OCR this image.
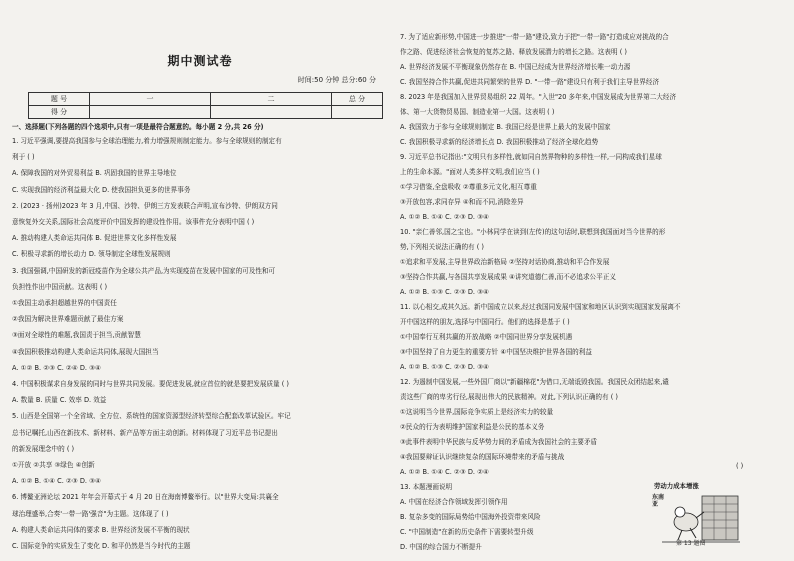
期中测试卷
时间:50 分钟 总分:60 分
题 号	一	二	总 分
得 分			
一、选择题(下列各题的四个选项中,只有一项是最符合题意的。每小题 2 分,共 26 分)
1. 习近平强调,要提高我国参与全球治理能力,着力增强规则制定能力。参与全球规则的制定有
利于 ( )
A. 保障我国的对外贸易利益 B. 巩固我国的世界主导地位
C. 实现我国的经济利益最大化 D. 使我国担负更多的世界事务
2. (2023 · 扬州)2023 年 3 月,中国、沙特、伊朗三方发表联合声明,宣布沙特、伊朗双方同
意恢复外交关系,国际社会高度评价中国发挥的建设性作用。该事件充分表明中国 ( )
A. 推动构建人类命运共同体 B. 促进世界文化多样性发展
C. 积极寻求新的增长动力 D. 领导制定全球性发展规则
3. 我国强调,中国研发的新冠疫苗作为全球公共产品,为实现疫苗在发展中国家的可及性和可
负担性作出中国贡献。这表明 ( )
①我国主动承担超越世界的中国责任
②我国为解决世界难题贡献了最佳方案
③面对全球性的难题,我国责于担当,贡献智慧
④我国积极推动构建人类命运共同体,展现大国担当
A. ①② B. ②③ C. ②④ D. ③④
4. 中国积极谋求自身发展的同时与世界共同发展。要促进发展,就应首位的就是要把发展质量 ( )
A. 数量 B. 质量 C. 效率 D. 效益
5. 山西是全国第一个全省域、全方位、系统性的国家资源型经济转型综合配套改革试验区。牢记
总书记嘱托,山西在新技术、新材料、新产品等方面主动创新。材料体现了习近平总书记提出
的新发展理念中的 ( )
①开放 ②共享 ③绿色 ④创新
A. ①② B. ①④ C. ②③ D. ③④
6. 博鳌亚洲论坛 2021 年年会开幕式于 4 月 20 日在海南博鳌举行。以"世界大变局:共襄全
球治理盛举,合奏'一带一路'强音"为主题。这体现了 ( )
A. 构建人类命运共同体的要求 B. 世界经济发展不平衡的现状
C. 国际竞争的实质发生了变化 D. 和平仍然是当今时代的主题
7. 为了适应新形势,中国进一步推进"一带一路"建设,致力于把"一带一路"打造成应对挑战的合
作之路、促进经济社会恢复的复苏之路、释放发展潜力的增长之路。这表明 ( )
A. 世界经济发展不平衡现象仍然存在 B. 中国已经成为世界经济增长唯一动力源
C. 我国坚持合作共赢,促进共同繁荣的世界 D. "一带一路"建设只有利于我们主导世界经济
8. 2023 年是我国加入世界贸易组织 22 周年。"入世"20 多年来,中国发展成为世界第二大经济
体、第一大货物贸易国、制造业第一大国。这表明 ( )
A. 我国致力于参与全球规则制定 B. 我国已经是世界上最大的发展中国家
C. 我国积极寻求新的经济增长点 D. 我国积极推动了经济全球化趋势
9. 习近平总书记指出:"文明只有多样性,就如同自然界物种的多样性一样,一同构成我们星球
上的生命本源。"面对人类多样文明,我们应当 ( )
①学习借鉴,全盘吸收 ②尊重多元文化,相互尊重
③开放包容,求同存异 ④和而不同,消除差异
A. ①② B. ①④ C. ②③ D. ③④
10. "亲仁善邻,国之宝也。"小林同学在读到(左传)的这句话时,联想到我国面对当今世界的形
势,下列相关说法正确的有 ( )
①追求和平发展,主导世界政治新格局 ②坚持对话协商,推动和平合作发展
③坚持合作共赢,与各国共享发展成果 ④讲究道德仁善,而不必追求公平正义
A. ①② B. ①③ C. ②③ D. ③④
11. 以心相交,成其久远。新中国成立以来,经过我国同发展中国家和地区认识到实现国家发展离不
开中国这样的朋友,选择与中国同行。他们的选择是基于 ( )
①中国奉行互利共赢的开放战略 ②中国同世界分享发展机遇
③中国坚持了自力更生的重要方针 ④中国坚决维护世界各国的利益
A. ①② B. ①③ C. ②③ D. ③④
12. 为遏制中国发展,一些外国厂商以"新疆棉花"为借口,无端诋毁我国。我国民众团结起来,谴
责这些厂商的卑劣行径,展现出伟大的民族精神。对此,下列认识正确的有 ( )
①这说明当今世界,国际竞争实质上是经济实力的较量
②民众的行为表明维护国家利益是公民的基本义务
③此事件表明中华民族与反华势力间的矛盾成为我国社会的主要矛盾
④我国要辩证认识继续复杂的国际环境带来的矛盾与挑战
A. ①② B. ①④ C. ②③ D. ②④
13. 本题漫画说明
A. 中国在经济合作领域发挥引领作用
B. 复杂多变的国际局势给中国海外投资带来风险
C. "中国制造"在新的历史条件下需要转型升级
D. 中国的综合国力不断提升
劳动力成本增涨
东南亚
第 13 题图
( )
